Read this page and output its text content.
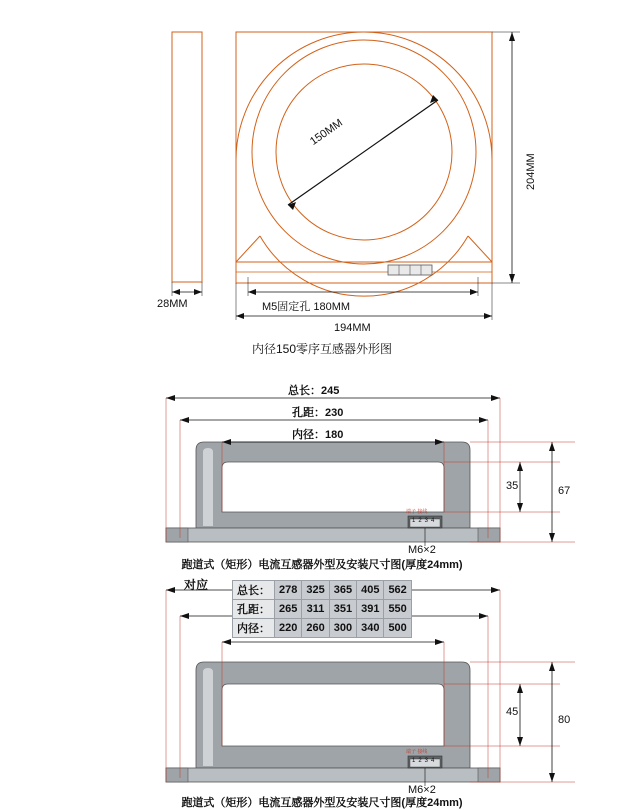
150MM
204MM
28MM	M5固定孔 180MM
194MM
内径150零序互感器外形图
总长：245
孔距：230
内径：180
35	67
M6×2
端子 接线
1234
跑道式（矩形）电流互感器外型及安装尺寸图(厚度24mm)
对应	总长：	278	325	365	405	562
孔距：	265	311	351	391	550
内径：	220	260	300	340	500
45
80
M6×2
端子 接线
1234
跑道式（矩形）电流互感器外型及安装尺寸图(厚度24mm)
